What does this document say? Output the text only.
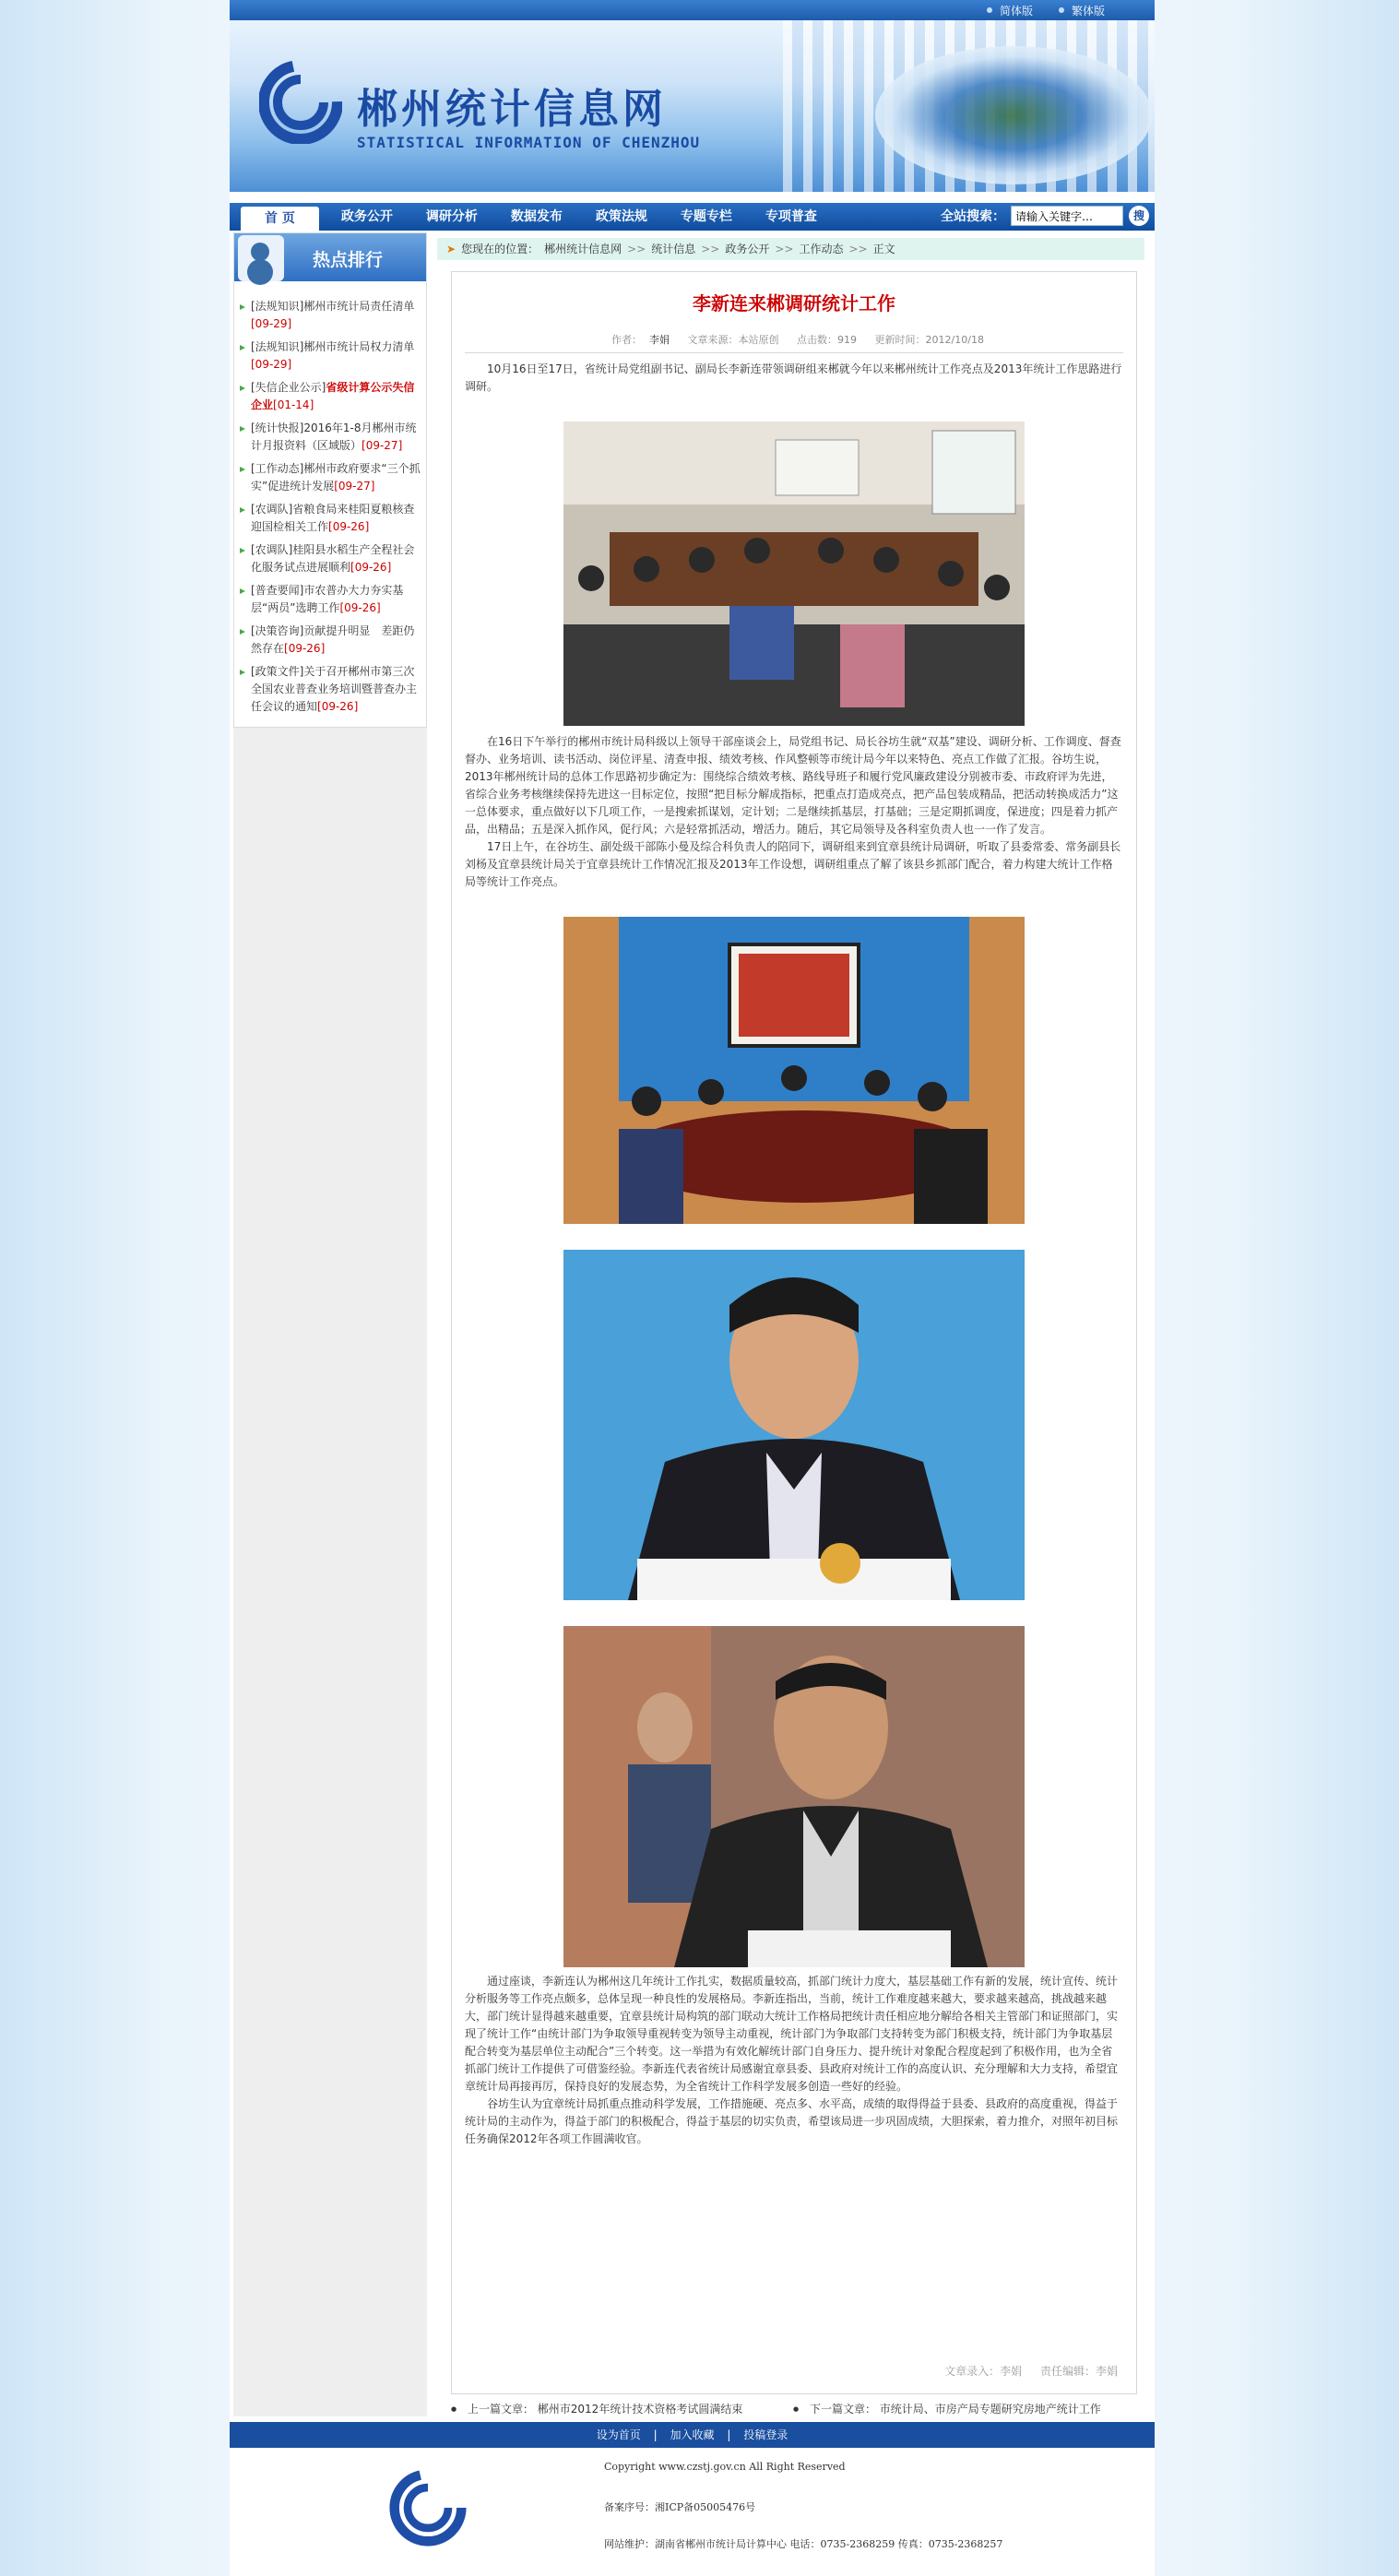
简体版	繁体版
郴州统计信息网
STATISTICAL INFORMATION OF CHENZHOU
首 页	政务公开	调研分析	数据发布	政策法规	专题专栏	专项普查	全站搜索：
请输入关键字…	搜
热点排行
[法规知识]郴州市统计局责任清单[09-29]
[法规知识]郴州市统计局权力清单[09-29]
[失信企业公示]省级计算公示失信企业[01-14]
[统计快报]2016年1-8月郴州市统计月报资料（区域版）[09-27]
[工作动态]郴州市政府要求“三个抓实”促进统计发展[09-27]
[农调队]省粮食局来桂阳夏粮核查迎国检相关工作[09-26]
[农调队]桂阳县水稻生产全程社会化服务试点进展顺利[09-26]
[普查要闻]市农普办大力夯实基层“两员”选聘工作[09-26]
[决策咨询]贡献提升明显　差距仍然存在[09-26]
[政策文件]关于召开郴州市第三次全国农业普查业务培训暨普查办主任会议的通知[09-26]
➤ 您现在的位置： 郴州统计信息网 >> 统计信息 >> 政务公开 >> 工作动态 >> 正文
李新连来郴调研统计工作
作者： 李娟 文章来源：本站原创 点击数：919 更新时间：2012/10/18

10月16日至17日，省统计局党组副书记、副局长李新连带领调研组来郴就今年以来郴州统计工作亮点及2013年统计工作思路进行调研。

在16日下午举行的郴州市统计局科级以上领导干部座谈会上，局党组书记、局长谷坊生就“双基”建设、调研分析、工作调度、督查督办、业务培训、读书活动、岗位评星、清查申报、绩效考核、作风整顿等市统计局今年以来特色、亮点工作做了汇报。谷坊生说，2013年郴州统计局的总体工作思路初步确定为：围绕综合绩效考核、路线导班子和履行党风廉政建设分别被市委、市政府评为先进，省综合业务考核继续保持先进这一目标定位，按照“把目标分解成指标，把重点打造成亮点，把产品包装成精品，把活动转换成活力”这一总体要求，重点做好以下几项工作，一是搜索抓谋划，定计划；二是继续抓基层，打基础；三是定期抓调度，保进度；四是着力抓产品，出精品；五是深入抓作风，促行风；六是轻常抓活动，增活力。随后，其它局领导及各科室负责人也一一作了发言。

17日上午，在谷坊生、副处级干部陈小曼及综合科负责人的陪同下，调研组来到宜章县统计局调研，听取了县委常委、常务副县长刘杨及宜章县统计局关于宜章县统计工作情况汇报及2013年工作设想，调研组重点了解了该县乡抓部门配合，着力构建大统计工作格局等统计工作亮点。

通过座谈，李新连认为郴州这几年统计工作扎实，数据质量较高，抓部门统计力度大，基层基础工作有新的发展，统计宣传、统计分析服务等工作亮点颇多，总体呈现一种良性的发展格局。李新连指出，当前，统计工作难度越来越大，要求越来越高，挑战越来越大，部门统计显得越来越重要，宜章县统计局构筑的部门联动大统计工作格局把统计责任相应地分解给各相关主管部门和证照部门，实现了统计工作“由统计部门为争取领导重视转变为领导主动重视，统计部门为争取部门支持转变为部门积极支持，统计部门为争取基层配合转变为基层单位主动配合”三个转变。这一举措为有效化解统计部门自身压力、提升统计对象配合程度起到了积极作用，也为全省抓部门统计工作提供了可借鉴经验。李新连代表省统计局感谢宜章县委、县政府对统计工作的高度认识、充分理解和大力支持，希望宜章统计局再接再厉，保持良好的发展态势，为全省统计工作科学发展多创造一些好的经验。

谷坊生认为宜章统计局抓重点推动科学发展，工作措施硬、亮点多、水平高，成绩的取得得益于县委、县政府的高度重视，得益于统计局的主动作为，得益于部门的积极配合，得益于基层的切实负责，希望该局进一步巩固成绩，大胆探索，着力推介，对照年初目标任务确保2012年各项工作圆满收官。

文章录入：李娟 责任编辑：李娟
● 上一篇文章： 郴州市2012年统计技术资格考试圆满结束
●	下一篇文章： 市统计局、市房产局专题研究房地产统计工作
设为首页 | 加入收藏 | 投稿登录
Copyright www.czstj.gov.cn All Right Reserved
备案序号：湘ICP备05005476号
网站维护：湖南省郴州市统计局计算中心 电话：0735-2368259 传真：0735-2368257
